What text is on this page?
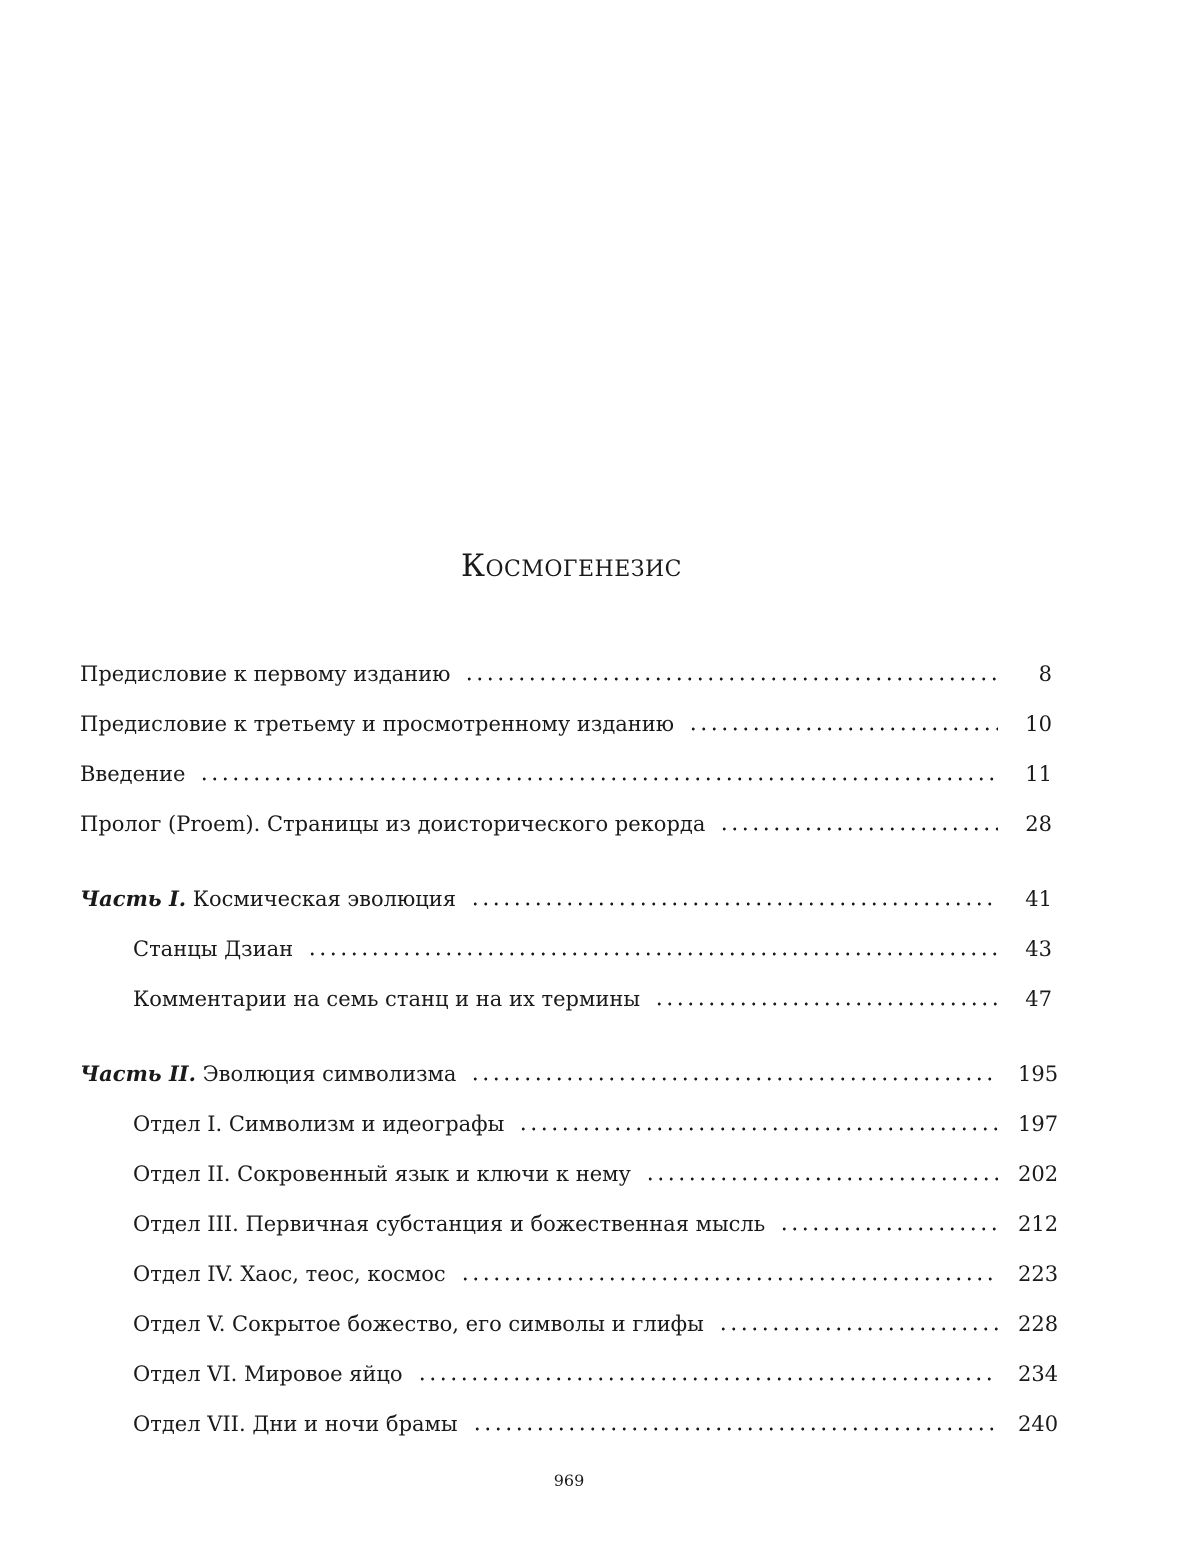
Космогенезис
Предисловие к первому изданию	8
Предисловие к третьему и просмотренному изданию	10
Введение	11
Пролог (Proem). Страницы из доисторического рекорда	28
Часть I. Космическая эволюция	41
Станцы Дзиан	43
Комментарии на семь станц и на их термины	47
Часть II. Эволюция символизма	195
Отдел I. Символизм и идеографы	197
Отдел II. Сокровенный язык и ключи к нему	202
Отдел III. Первичная субстанция и божественная мысль	212
Отдел IV. Хаос, теос, космос	223
Отдел V. Сокрытое божество, его символы и глифы	228
Отдел VI. Мировое яйцо	234
Отдел VII. Дни и ночи брамы	240
969
